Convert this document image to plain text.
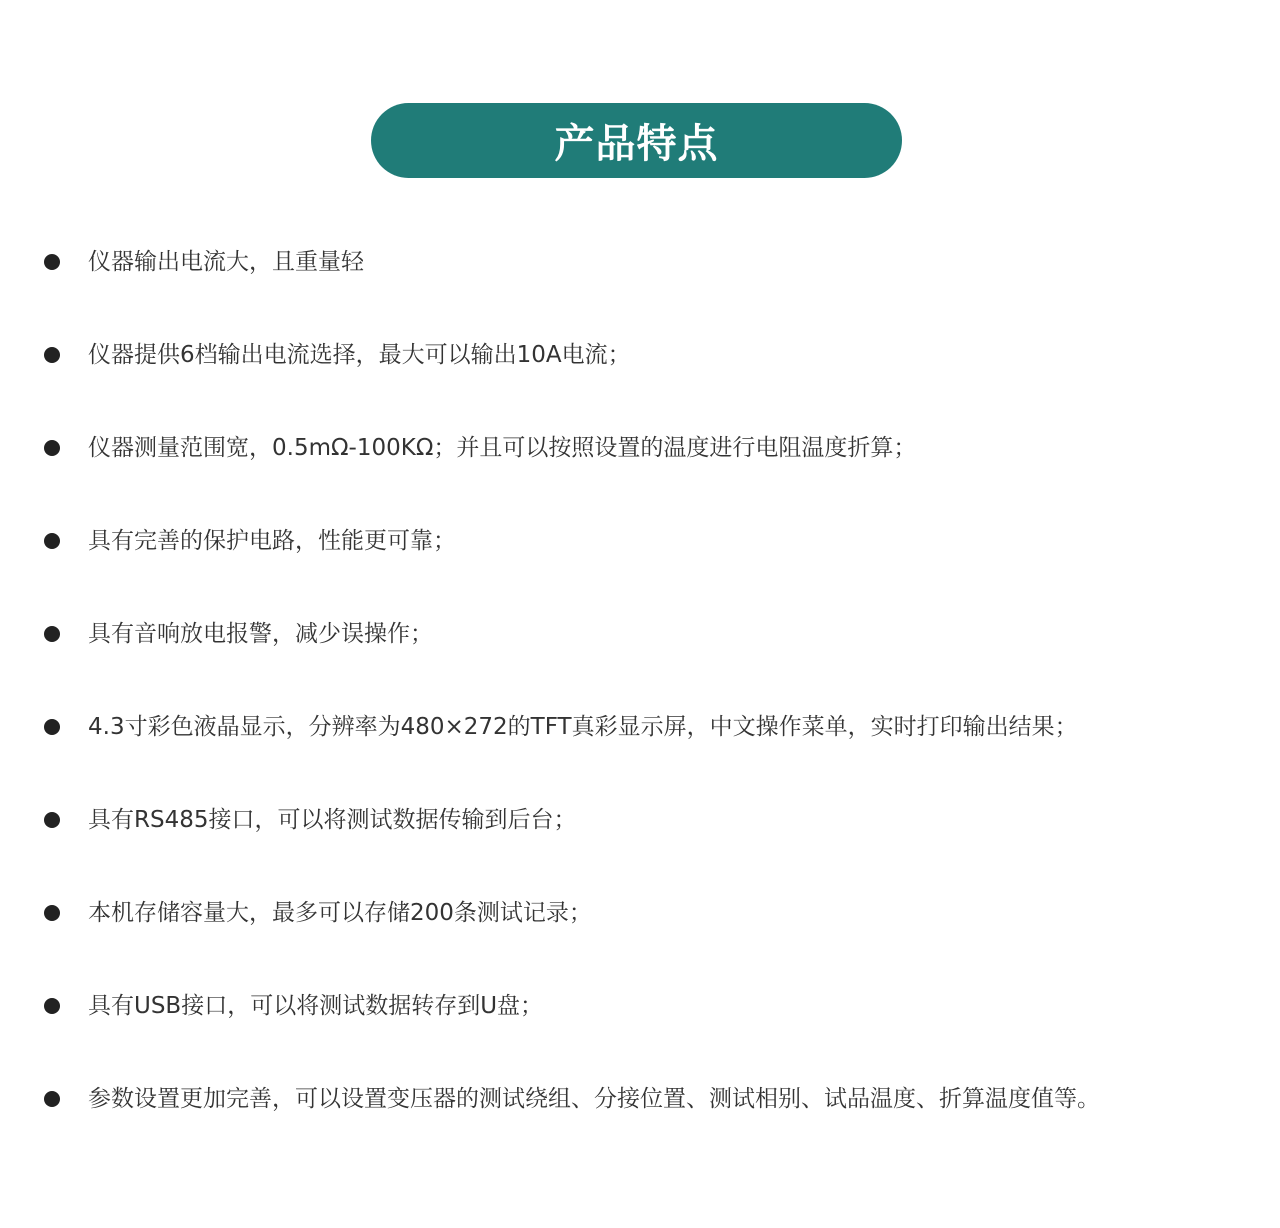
产品特点
仪器输出电流大，且重量轻
仪器提供6档输出电流选择，最大可以输出10A电流；
仪器测量范围宽，0.5mΩ-100KΩ；并且可以按照设置的温度进行电阻温度折算；
具有完善的保护电路，性能更可靠；
具有音响放电报警，减少误操作；
4.3寸彩色液晶显示，分辨率为480×272的TFT真彩显示屏，中文操作菜单，实时打印输出结果；
具有RS485接口，可以将测试数据传输到后台；
本机存储容量大，最多可以存储200条测试记录；
具有USB接口，可以将测试数据转存到U盘；
参数设置更加完善，可以设置变压器的测试绕组、分接位置、测试相别、试品温度、折算温度值等。
